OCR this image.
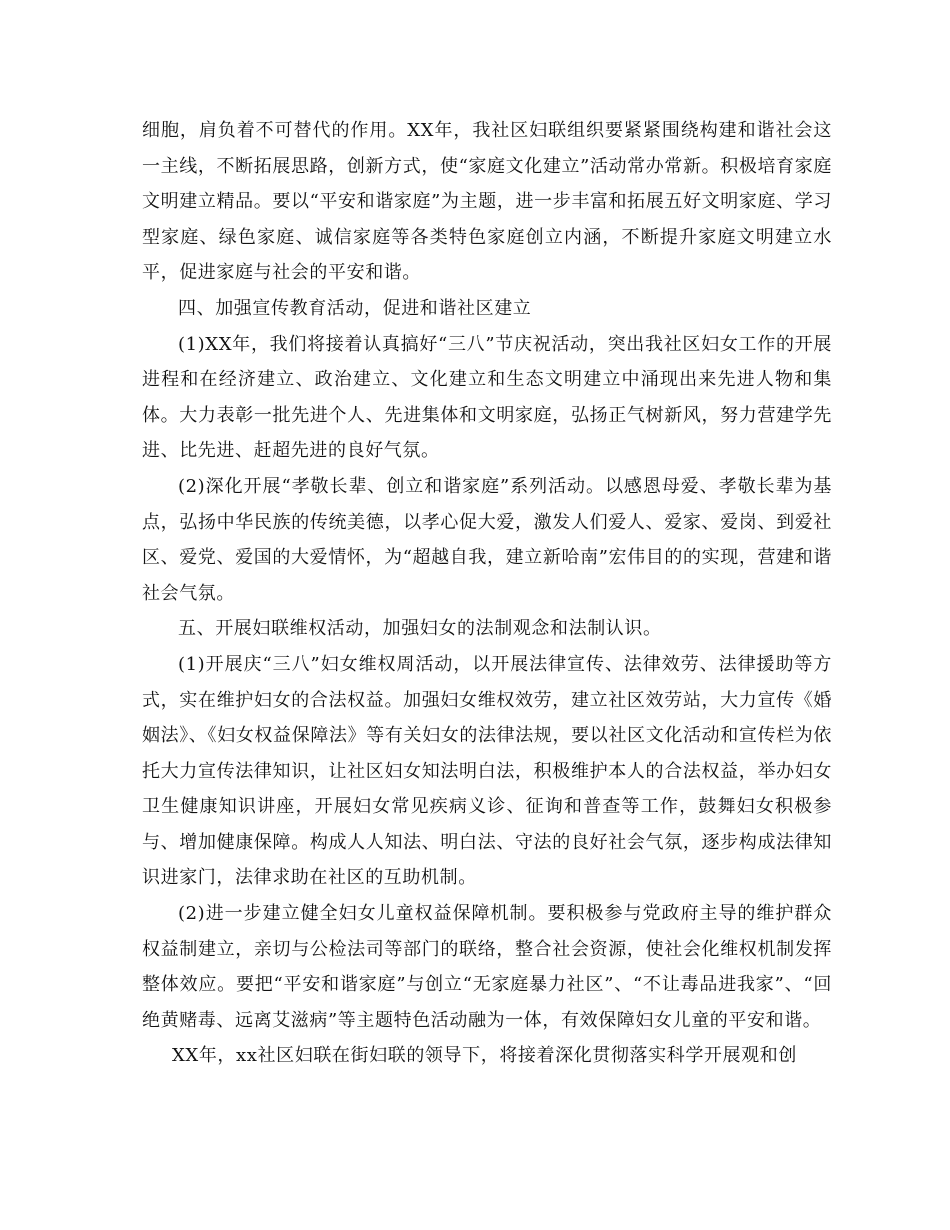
细胞，肩负着不可替代的作用。XX年，我社区妇联组织要紧紧围绕构建和谐社会这一主线，不断拓展思路，创新方式，使“家庭文化建立”活动常办常新。积极培育家庭文明建立精品。要以“平安和谐家庭”为主题，进一步丰富和拓展五好文明家庭、学习型家庭、绿色家庭、诚信家庭等各类特色家庭创立内涵，不断提升家庭文明建立水平，促进家庭与社会的平安和谐。

四、加强宣传教育活动，促进和谐社区建立

(1)XX年，我们将接着认真搞好“三八”节庆祝活动，突出我社区妇女工作的开展进程和在经济建立、政治建立、文化建立和生态文明建立中涌现出来先进人物和集体。大力表彰一批先进个人、先进集体和文明家庭，弘扬正气树新风，努力营建学先进、比先进、赶超先进的良好气氛。

(2)深化开展“孝敬长辈、创立和谐家庭”系列活动。以感恩母爱、孝敬长辈为基点，弘扬中华民族的传统美德，以孝心促大爱，激发人们爱人、爱家、爱岗、到爱社区、爱党、爱国的大爱情怀，为“超越自我，建立新哈南”宏伟目的的实现，营建和谐社会气氛。

五、开展妇联维权活动，加强妇女的法制观念和法制认识。

(1)开展庆“三八”妇女维权周活动，以开展法律宣传、法律效劳、法律援助等方式，实在维护妇女的合法权益。加强妇女维权效劳，建立社区效劳站，大力宣传《婚姻法》、《妇女权益保障法》等有关妇女的法律法规，要以社区文化活动和宣传栏为依托大力宣传法律知识，让社区妇女知法明白法，积极维护本人的合法权益，举办妇女卫生健康知识讲座，开展妇女常见疾病义诊、征询和普查等工作，鼓舞妇女积极参与、增加健康保障。构成人人知法、明白法、守法的良好社会气氛，逐步构成法律知识进家门，法律求助在社区的互助机制。

(2)进一步建立健全妇女儿童权益保障机制。要积极参与党政府主导的维护群众权益制建立，亲切与公检法司等部门的联络，整合社会资源，使社会化维权机制发挥整体效应。要把“平安和谐家庭”与创立“无家庭暴力社区”、“不让毒品进我家”、“回绝黄赌毒、远离艾滋病”等主题特色活动融为一体，有效保障妇女儿童的平安和谐。

XX年，xx社区妇联在街妇联的领导下，将接着深化贯彻落实科学开展观和创
